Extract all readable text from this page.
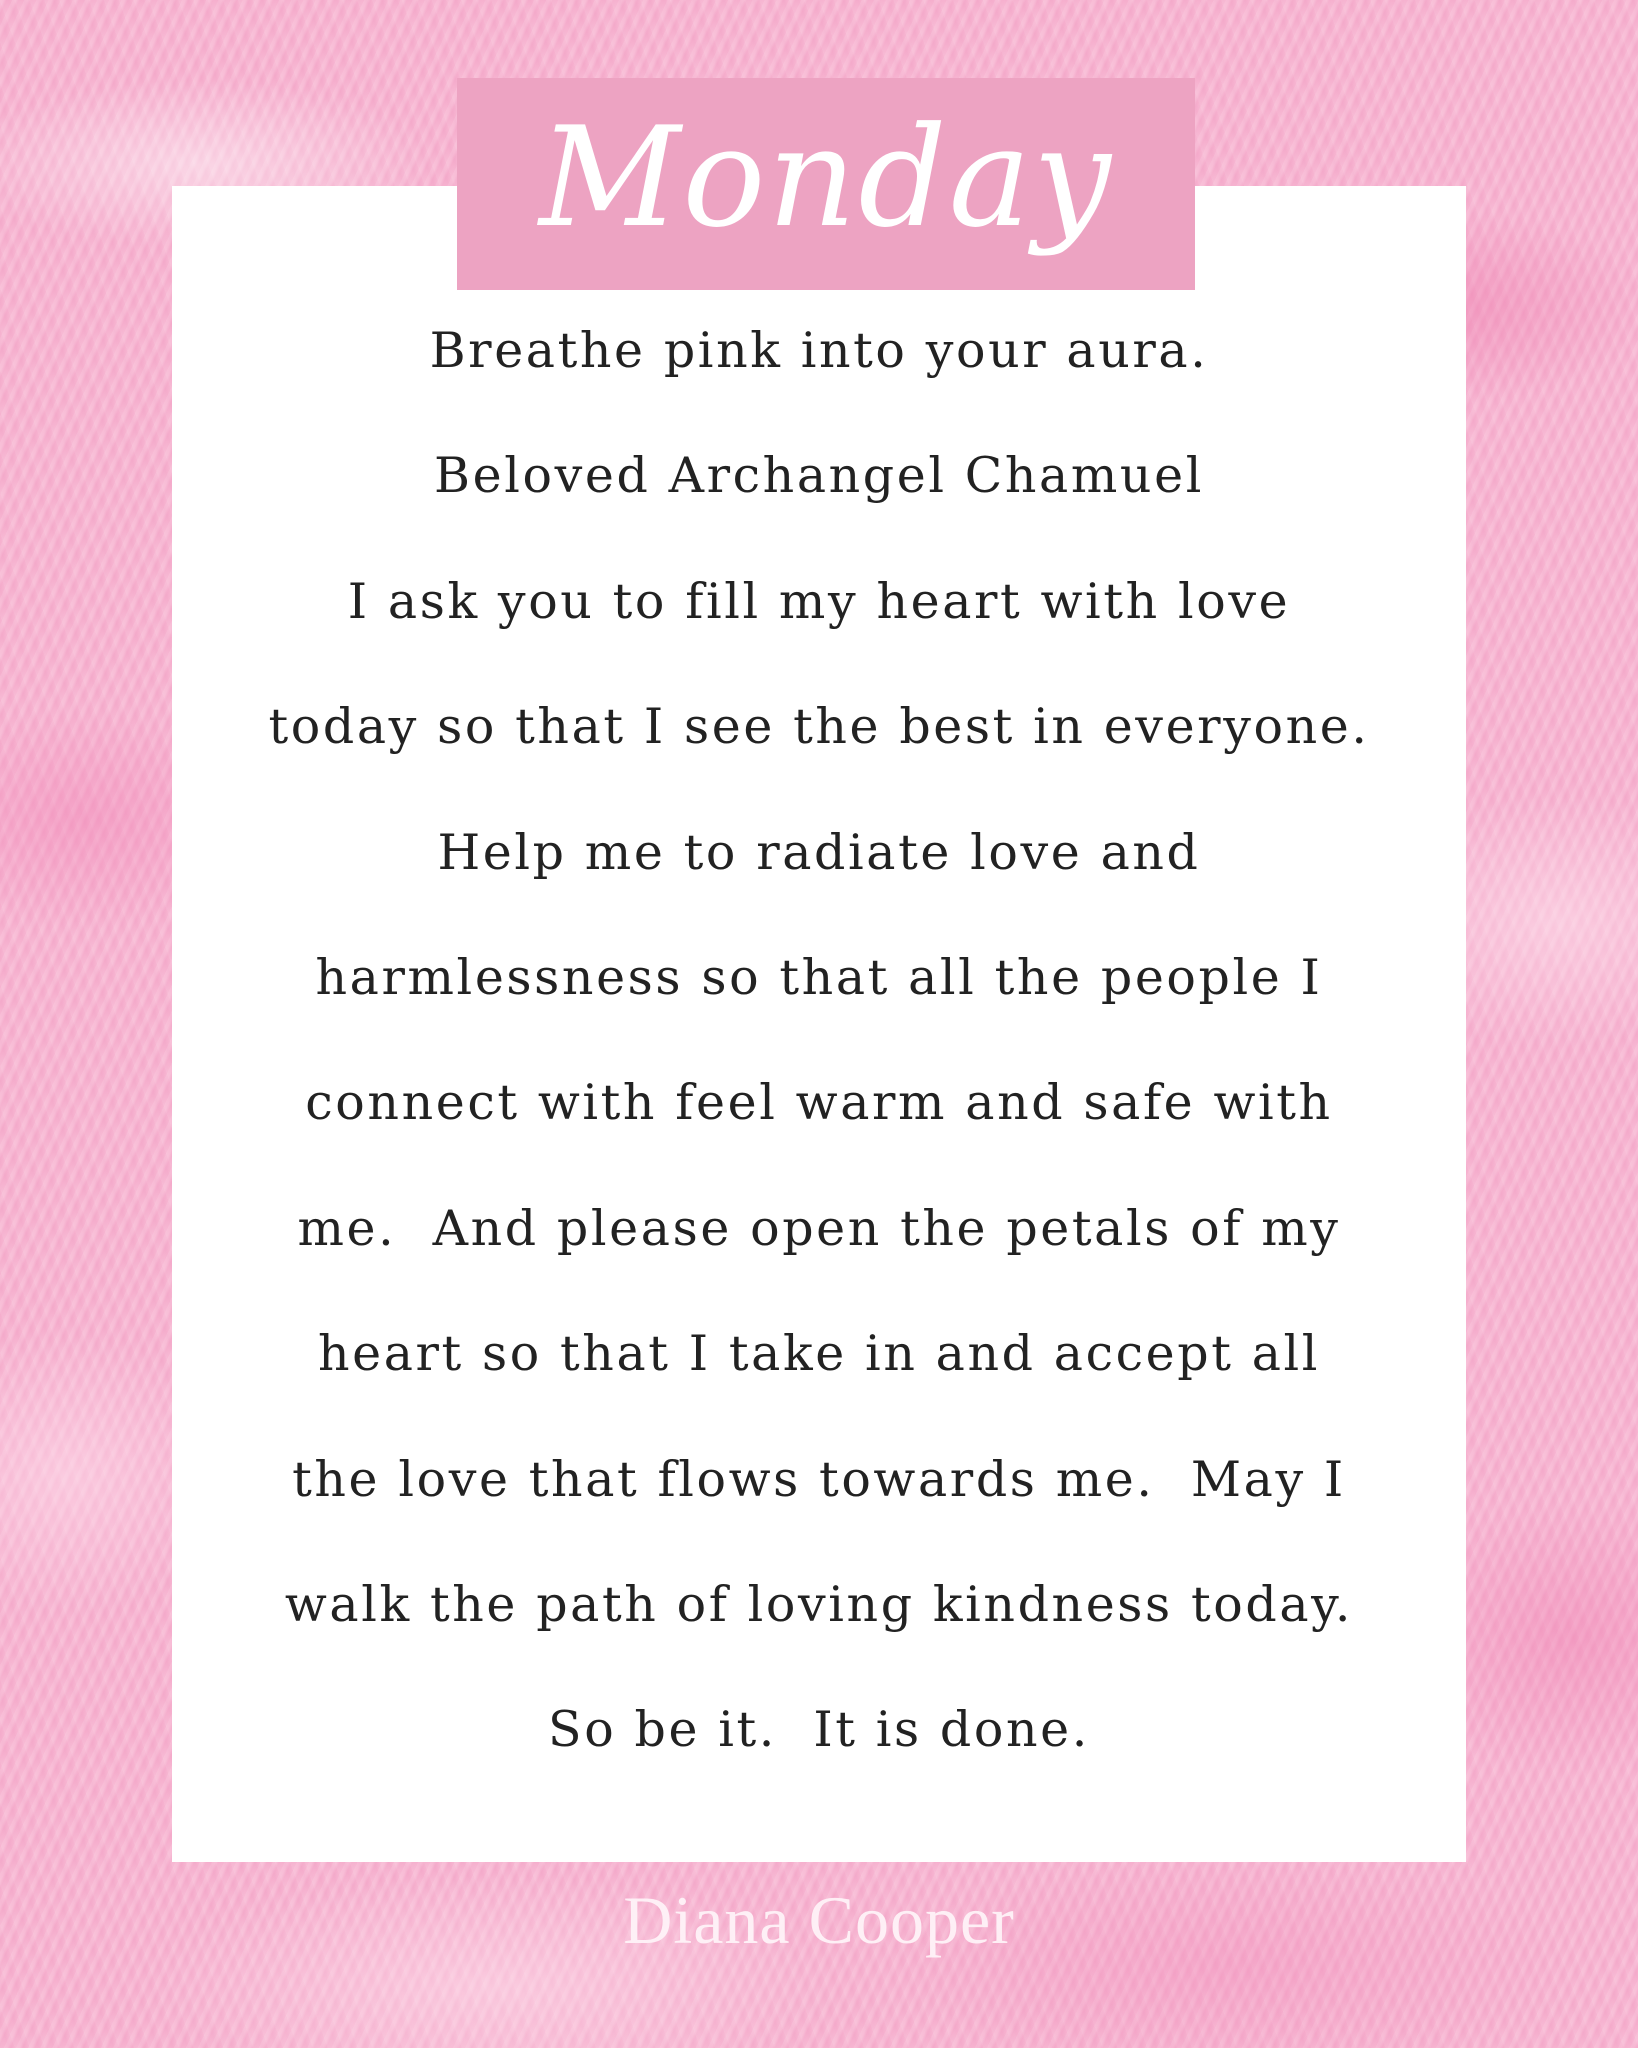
Monday
Breathe pink into your aura.
Beloved Archangel Chamuel
I ask you to fill my heart with love
today so that I see the best in everyone.
Help me to radiate love and
harmlessness so that all the people I
connect with feel warm and safe with
me.  And please open the petals of my
heart so that I take in and accept all
the love that flows towards me.  May I
walk the path of loving kindness today.
So be it.  It is done.
Diana Cooper
